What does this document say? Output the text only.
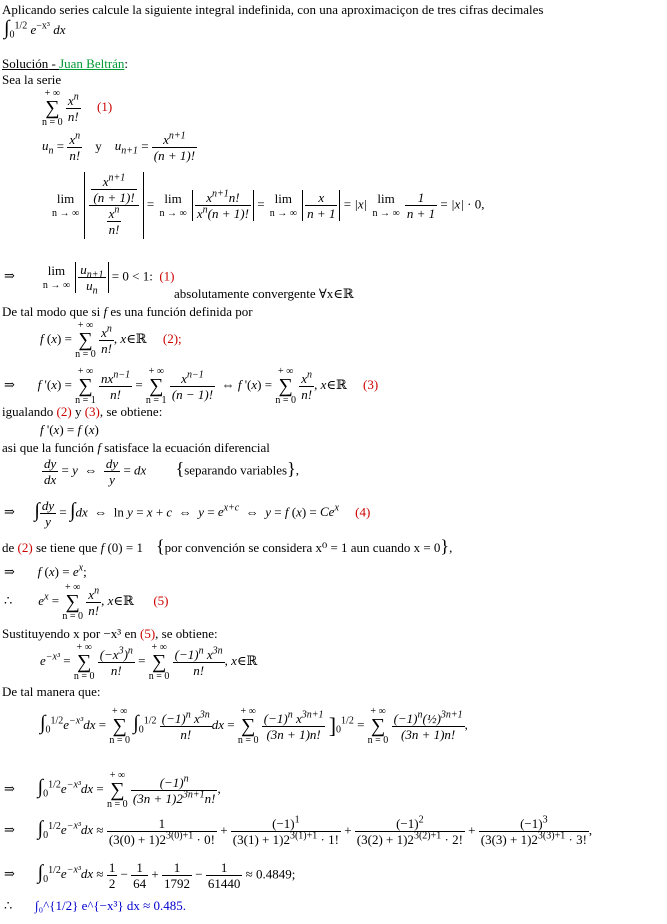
Aplicando series calcule la siguiente integral indefinida, con una aproximaciçon de tres cifras decimales
$\int_0^{1/2}$ $e^{-x^3}$ dx
Solución - Juan Beltrán:
Sea la serie
+ ∞
∑
n = 0
$\frac{x^n}{n!} (1)$
$u_n = \frac{x^n}{n!}$ y $u_{n+1} = \frac{x^{n+1}}{(n + 1)!}$
lim
n → ∞
$\frac{\frac{x^{n+1}}{(n + 1)!}}{\frac{x^n}{n!}} = \lim$
n → ∞
$\frac{x^{n+1}n!}{x^n(n + 1)!} = \lim$
n → ∞
$\frac{x}{n + 1} = |x|$ lim
n → ∞
$\frac{1}{n + 1} = |x| \cdot 0$,
⇒	lim
n → ∞
$\frac{u_{n+1}}{u_n} = 0 < 1$:  (1)
absolutamente convergente ∀x∈ℝ
De tal modo que si f es una función definida por
f (x) =
+ ∞
∑
n = 0
$\frac{x^n}{n!}$ , x∈ℝ     (2);
⇒ f '(x) =
+ ∞
∑
n = 1
$\frac{nx^{n-1}}{n!}$ =
+ ∞
∑
n = 1
$\frac{x^{n-1}}{(n - 1)!}$ ⇔ f '(x) =
+ ∞
∑
n = 0
$\frac{x^n}{n!}$ , x∈ℝ     (3)
igualando (2) y (3), se obtiene:
f '(x) = f (x)
asi que la función f satisface la ecuación diferencial
$\frac{dy}{dx} = y$  ⇔ $\frac{dy}{y}$ = dx {separando variables},
⇒ ∫ $\frac{dy}{y} = \int dx$  ⇔  ln y = x + c  ⇔  $y = e^{x+c}$  ⇔  y = f $(x) = Ce^x$ (4)
de (2) se tiene que f (0) = 1    {por convención se considera x⁰ = 1 aun cuando x = 0},
⇒ f $(x) = e^x$;
∴ $e^x$ =
+ ∞
∑
n = 0
$\frac{x^n}{n!}$ , x∈ℝ      (5)
Sustituyendo x por −x³ en (5), se obtiene:
$e^{-x^3}$ =
+ ∞
∑
n = 0
$\frac{(-x^3)^n}{n!}$ =
+ ∞
∑
n = 0
$\frac{(-1)^n x^{3n}}{n!}$ , x∈ℝ
De tal manera que:
$\int_0^{1/2}e^{-x^3}dx$ =
+ ∞
∑
n = 0
$\int_0^{1/2} \frac{(-1)^n x^{3n}}{n!}$ dx =
+ ∞
∑
n = 0
$\frac{(-1)^n x^{3n+1}}{(3n + 1)n!} ]_0^{1/2}$ =
+ ∞
∑
n = 0
$\frac{(-1)^n(\frac{1}{2})^{3n+1}}{(3n + 1)n!}$ ,
⇒ $\int_0^{1/2}e^{-x^3}dx$ =
+ ∞
∑
n = 0
$\frac{(-1)^n}{(3n + 1)2^{3n+1}n!}$ ,
⇒ $\int_0^{1/2}e^{-x^3}dx \approx \frac{1}{(3(0) + 1)2^{3(0)+1} \cdot 0!} + \frac{(-1)^1}{(3(1) + 1)2^{3(1)+1} \cdot 1!} + \frac{(-1)^2}{(3(2) + 1)2^{3(2)+1} \cdot 2!} + \frac{(-1)^3}{(3(3) + 1)2^{3(3)+1} \cdot 3!}$ ,
⇒ $\int_0^{1/2}e^{-x^3}dx \approx \frac{1}{2} - \frac{1}{64} + \frac{1}{1792} - \frac{1}{61440} \approx 0.4849$;
∴ ∫₀^{1/2} e^{−x³} dx ≈ 0.485.
